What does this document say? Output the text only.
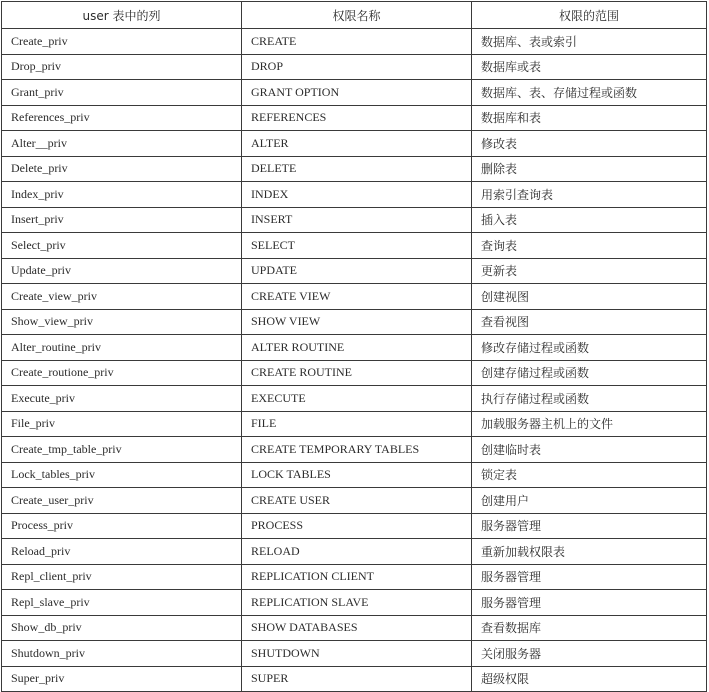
user 表中的列	权限名称	权限的范围
Create_priv	CREATE	数据库、表或索引
Drop_priv	DROP	数据库或表
Grant_priv	GRANT OPTION	数据库、表、存储过程或函数
References_priv	REFERENCES	数据库和表
Alter__priv	ALTER	修改表
Delete_priv	DELETE	删除表
Index_priv	INDEX	用索引查询表
Insert_priv	INSERT	插入表
Select_priv	SELECT	查询表
Update_priv	UPDATE	更新表
Create_view_priv	CREATE VIEW	创建视图
Show_view_priv	SHOW VIEW	查看视图
Alter_routine_priv	ALTER ROUTINE	修改存储过程或函数
Create_routione_priv	CREATE ROUTINE	创建存储过程或函数
Execute_priv	EXECUTE	执行存储过程或函数
File_priv	FILE	加载服务器主机上的文件
Create_tmp_table_priv	CREATE TEMPORARY TABLES	创建临时表
Lock_tables_priv	LOCK TABLES	锁定表
Create_user_priv	CREATE USER	创建用户
Process_priv	PROCESS	服务器管理
Reload_priv	RELOAD	重新加载权限表
Repl_client_priv	REPLICATION CLIENT	服务器管理
Repl_slave_priv	REPLICATION SLAVE	服务器管理
Show_db_priv	SHOW DATABASES	查看数据库
Shutdown_priv	SHUTDOWN	关闭服务器
Super_priv	SUPER	超级权限
